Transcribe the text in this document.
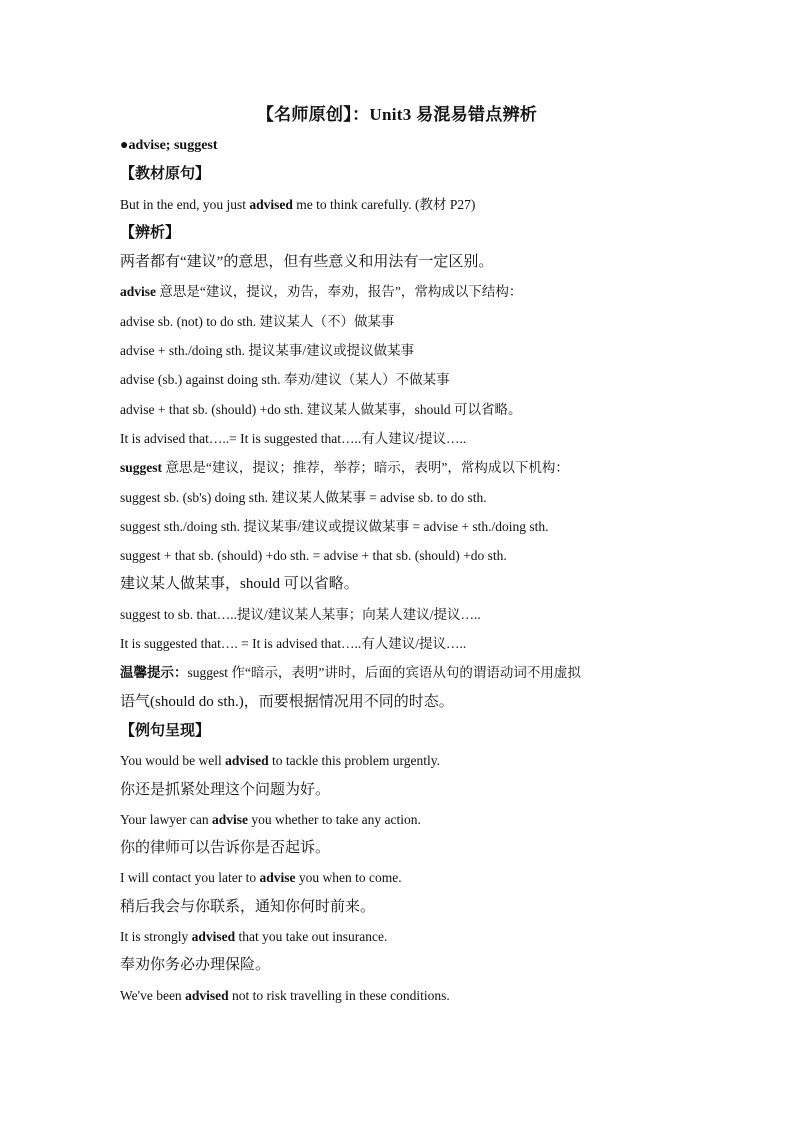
【名师原创】：Unit3 易混易错点辨析
●advise; suggest
【教材原句】
But in the end, you just advised me to think carefully. (教材 P27)
【辨析】
两者都有“建议”的意思，但有些意义和用法有一定区别。
advise 意思是“建议，提议，劝告，奉劝，报告”，常构成以下结构：
advise sb. (not) to do sth. 建议某人（不）做某事
advise + sth./doing sth. 提议某事/建议或提议做某事
advise (sb.) against doing sth. 奉劝/建议（某人）不做某事
advise + that sb. (should) +do sth. 建议某人做某事，should 可以省略。
It is advised that…..= It is suggested that…..有人建议/提议…..
suggest 意思是“建议，提议；推荐，举荐；暗示，表明”，常构成以下机构：
suggest sb. (sb's) doing sth. 建议某人做某事 = advise sb. to do sth.
suggest sth./doing sth. 提议某事/建议或提议做某事 = advise + sth./doing sth.
suggest + that sb. (should) +do sth. = advise + that sb. (should) +do sth.
建议某人做某事，should 可以省略。
suggest to sb. that…..提议/建议某人某事；向某人建议/提议…..
It is suggested that…. = It is advised that…..有人建议/提议…..
温馨提示：suggest 作“暗示，表明”讲时，后面的宾语从句的谓语动词不用虚拟
语气(should do sth.)，而要根据情况用不同的时态。
【例句呈现】
You would be well advised to tackle this problem urgently.
你还是抓紧处理这个问题为好。
Your lawyer can advise you whether to take any action.
你的律师可以告诉你是否起诉。
I will contact you later to advise you when to come.
稍后我会与你联系，通知你何时前来。
It is strongly advised that you take out insurance.
奉劝你务必办理保险。
We've been advised not to risk travelling in these conditions.
